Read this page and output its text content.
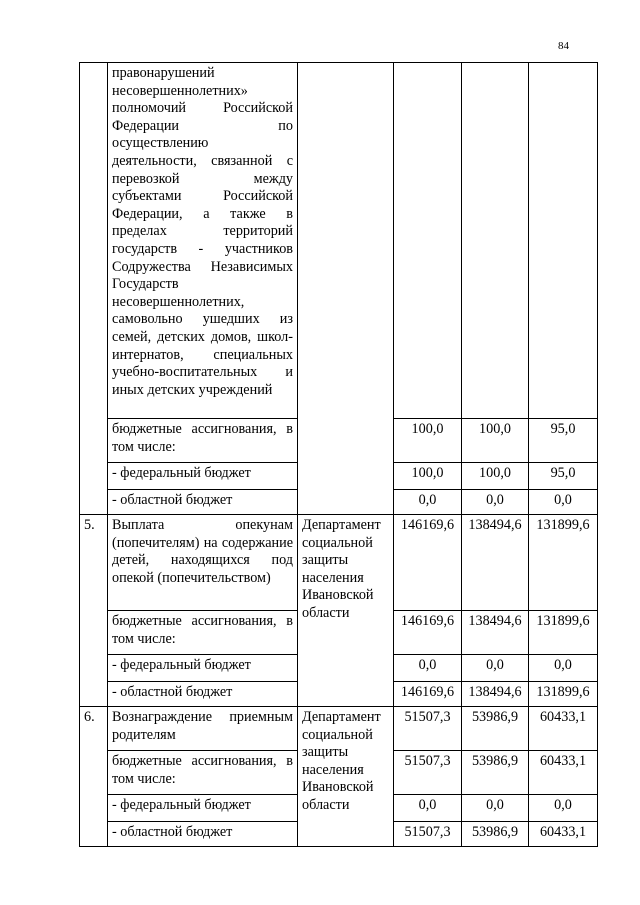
84
	правонарушений несовершеннолетних» полномочий Российской Федерации по осуществлению деятельности, связанной с перевозкой между субъектами Российской Федерации, а также в пределах территорий государств - участников Содружества Независимых Государств несовершеннолетних, самовольно ушедших из семей, детских домов, школ-интернатов, специальных учебно-воспитательных и иных детских учреждений				
	бюджетные ассигнования, в том числе:		100,0	100,0	95,0
	- федеральный бюджет		100,0	100,0	95,0
	- областной бюджет		0,0	0,0	0,0
5.	Выплата опекунам (попечителям) на содержание детей, находящихся под опекой (попечительством)	Департамент социальной защиты населения Ивановской области	146169,6	138494,6	131899,6
	бюджетные ассигнования, в том числе:		146169,6	138494,6	131899,6
	- федеральный бюджет		0,0	0,0	0,0
	- областной бюджет		146169,6	138494,6	131899,6
6.	Вознаграждение приемным родителям	Департамент социальной защиты населения Ивановской области	51507,3	53986,9	60433,1
	бюджетные ассигнования, в том числе:		51507,3	53986,9	60433,1
	- федеральный бюджет		0,0	0,0	0,0
	- областной бюджет		51507,3	53986,9	60433,1
